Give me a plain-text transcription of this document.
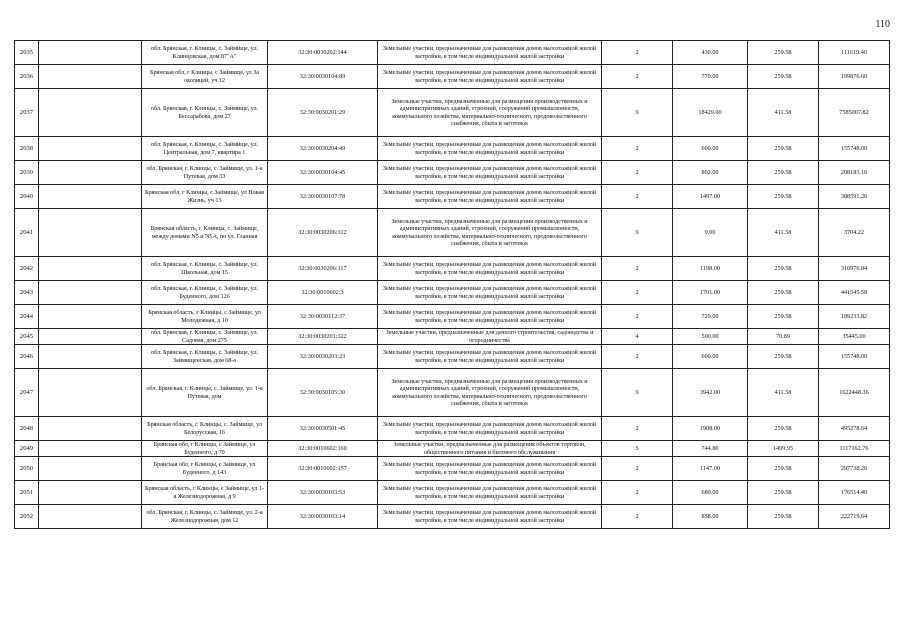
110
2035		обл. Брянская, г. Клинцы, с. Займище, ул. Клинцовская, дом 87"А"	32:30:0030202:144	Земельные участки, предназначенные для размещения домов малоэтажной жилой застройки, в том числе индивидуальной жилой застройки	2	430.00	259.58	111619.40
2036		Брянская обл, г Клинцы, с Займище, ул За околицей, уч 12	32:30:0030104:89	Земельные участки, предназначенные для размещения домов малоэтажной жилой застройки, в том числе индивидуальной жилой застройки	2	770.00	259.58	199876.60
2037		обл. Брянская, г. Клинцы, с. Займище, ул. Бессарабова, дом 27	32:30:0030201:29	Земельные участки, предназначенные для размещения производственных и административных зданий, строений, сооружений промышленности, коммунального хозяйства, материально-технического, продовольственного снабжения, сбыта и заготовок	9	18429.00	411.58	7585007.82
2038		обл. Брянская, г. Клинцы, с. Займище, ул. Центральная, дом 7, квартира 1	32:30:0030204:49	Земельные участки, предназначенные для размещения домов малоэтажной жилой застройки, в том числе индивидуальной жилой застройки	2	600.00	259.58	155748.00
2039		обл. Брянская, г. Клинцы, с. Займище, ул. 1-я Путевая, дом 33	32:30:0030104:45	Земельные участки, предназначенные для размещения домов малоэтажной жилой застройки, в том числе индивидуальной жилой застройки	2	802.00	259.58	208183.16
2040		Брянская обл, г Клинцы, с Займище, ул Новая Жизнь, уч 13	32:30:0030107:78	Земельные участки, предназначенные для размещения домов малоэтажной жилой застройки, в том числе индивидуальной жилой застройки	2	1497.00	259.58	388591.26
2041		Брянская область, г. Клинцы, с. Займище, между домами N5 и N5А, по ул. Гланная	32:30:0030206:312	Земельные участки, предназначенные для размещения производственных и административных зданий, строений, сооружений промышленности, коммунального хозяйства, материально-технического, продовольственного снабжения, сбыта и заготовок	9	9.00	411.58	3704.22
2042		обл. Брянская, г. Клинцы, с. Займище, ул. Школьная, дом 15	32:30:0030206:117	Земельные участки, предназначенные для размещения домов малоэтажной жилой застройки, в том числе индивидуальной жилой застройки	2	1198.00	259.58	310976.84
2043		обл. Брянская, г. Клинцы, с. Займище, ул. Буденного, дом 126	32:30:0010602:3	Земельные участки, предназначенные для размещения домов малоэтажной жилой застройки, в том числе индивидуальной жилой застройки	2	1701.00	259.58	441545.58
2044		Брянская область, г Клинцы, с Займище, ул Молодежная, д 10	32:30:0030112:37	Земельные участки, предназначенные для размещения домов малоэтажной жилой застройки, в том числе индивидуальной жилой застройки	2	729.00	259.58	189233.82
2045		обл. Брянская, г. Клинцы, с. Займище, ул. Садовая, дом 275	32:30:0030201:322	Земельные участки, предназначенные для дачного строительства, садоводства и огородничества	4	500.00	70.89	35445.00
2046		обл. Брянская, г. Клинцы, с. Займище, ул. Займищенская, дом 68-а	32:30:0030203:23	Земельные участки, предназначенные для размещения домов малоэтажной жилой застройки, в том числе индивидуальной жилой застройки	2	600.00	259.58	155748.00
2047		обл. Брянская, г. Клинцы, с. Займище, ул. 1-я Путевая, дом	32:30:0030105:30	Земельные участки, предназначенные для размещения производственных и административных зданий, строений, сооружений промышленности, коммунального хозяйства, материально-технического, продовольственного снабжения, сбыта и заготовок	9	3942.00	411.58	1622448.36
2048		Брянская область, г. Клинцы, с. Займище, ул Белорусская, 16	32:30:0030501:45	Земельные участки, предназначенные для размещения домов малоэтажной жилой застройки, в том числе индивидуальной жилой застройки	2	1908.00	259.58	495278.64
2049		Брянская обл, г Клинцы, с Займище, ул Буденного, д 70	32:30:0010602:160	Земельные участки, предназначенные для размещения объектов торговли, общественного питания и бытового обслуживания	5	744.80	1499.95	1117162.76
2050		Брянская обл, г Клинцы, с Займище, ул Буденного, д 143	32:30:0010602:157	Земельные участки, предназначенные для размещения домов малоэтажной жилой застройки, в том числе индивидуальной жилой застройки	2	1147.00	259.58	297738.26
2051		Брянская область, г Клинцы, с Займище, ул 1-я Железнодорожная, д 9	32:30:0030103:53	Земельные участки, предназначенные для размещения домов малоэтажной жилой застройки, в том числе индивидуальной жилой застройки	2	680.00	259.58	176514.40
2052		обл. Брянская, г. Клинцы, с. Займище, ул. 2-я Железнодорожная, дом 12	32:30:0030103:14	Земельные участки, предназначенные для размещения домов малоэтажной жилой застройки, в том числе индивидуальной жилой застройки	2	858.00	259.58	222719.64
